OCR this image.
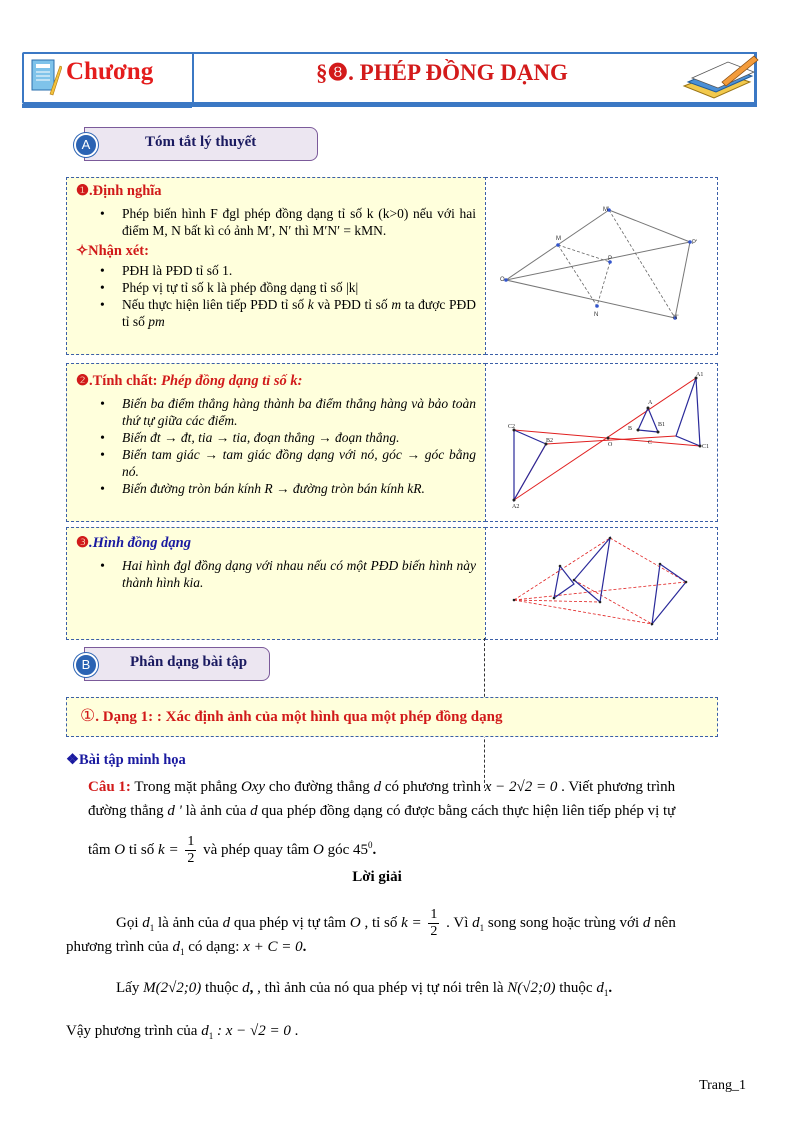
Chương	§❽. PHÉP ĐỒNG DẠNG
A	Tóm tắt lý thuyết
❶.Định nghĩa
• Phép biến hình F đgl phép đồng dạng tỉ số k (k>0) nếu với hai điểm M, N bất kì có ảnh M′, N′ thì M′N′ = kMN.
✧Nhận xét:
• PĐH là PĐD tỉ số 1.
• Phép vị tự tỉ số k là phép đồng dạng tỉ số |k|
• Nếu thực hiện liên tiếp PĐD tỉ số k và PĐD tỉ số m ta được PĐD tỉ số pm
M'
M
P'
P
O
N	N'
❷.Tính chất: Phép đồng dạng tỉ số k:
• Biến ba điểm thẳng hàng thành ba điểm thẳng hàng và bảo toàn thứ tự giữa các điểm.
• Biến đt → đt, tia → tia, đoạn thẳng → đoạn thẳng.
• Biến tam giác → tam giác đồng dạng với nó, góc → góc bằng nó.
• Biến đường tròn bán kính R → đường tròn bán kính kR.
A1
A
B
B1
C
C1
C2
B2
A2
O
❸.Hình đồng dạng
• Hai hình đgl đồng dạng với nhau nếu có một PĐD biến hình này thành hình kia.
B	Phân dạng bài tập
①. Dạng 1: : Xác định ảnh của một hình qua một phép đồng dạng
❖Bài tập minh họa
Câu 1: Trong mặt phẳng Oxy cho đường thẳng d có phương trình x − 2√2 = 0 . Viết phương trình
đường thẳng d ' là ảnh của d qua phép đồng dạng có được bằng cách thực hiện liên tiếp phép vị tự
tâm O tỉ số $k = \frac{1}{2}$ và phép quay tâm O góc $45^0$.
Lời giải
Gọi $d_1$ là ảnh của d qua phép vị tự tâm O , tỉ số $k = \frac{1}{2}$ . Vì $d_1$ song song hoặc trùng với d nên
phương trình của $d_1$ có dạng: x + C = 0.
Lấy M(2√2;0) thuộc d, , thì ảnh của nó qua phép vị tự nói trên là N(√2;0) thuộc $d_1$.
Vậy phương trình của $d_1$ : x − √2 = 0 .
Trang_1
